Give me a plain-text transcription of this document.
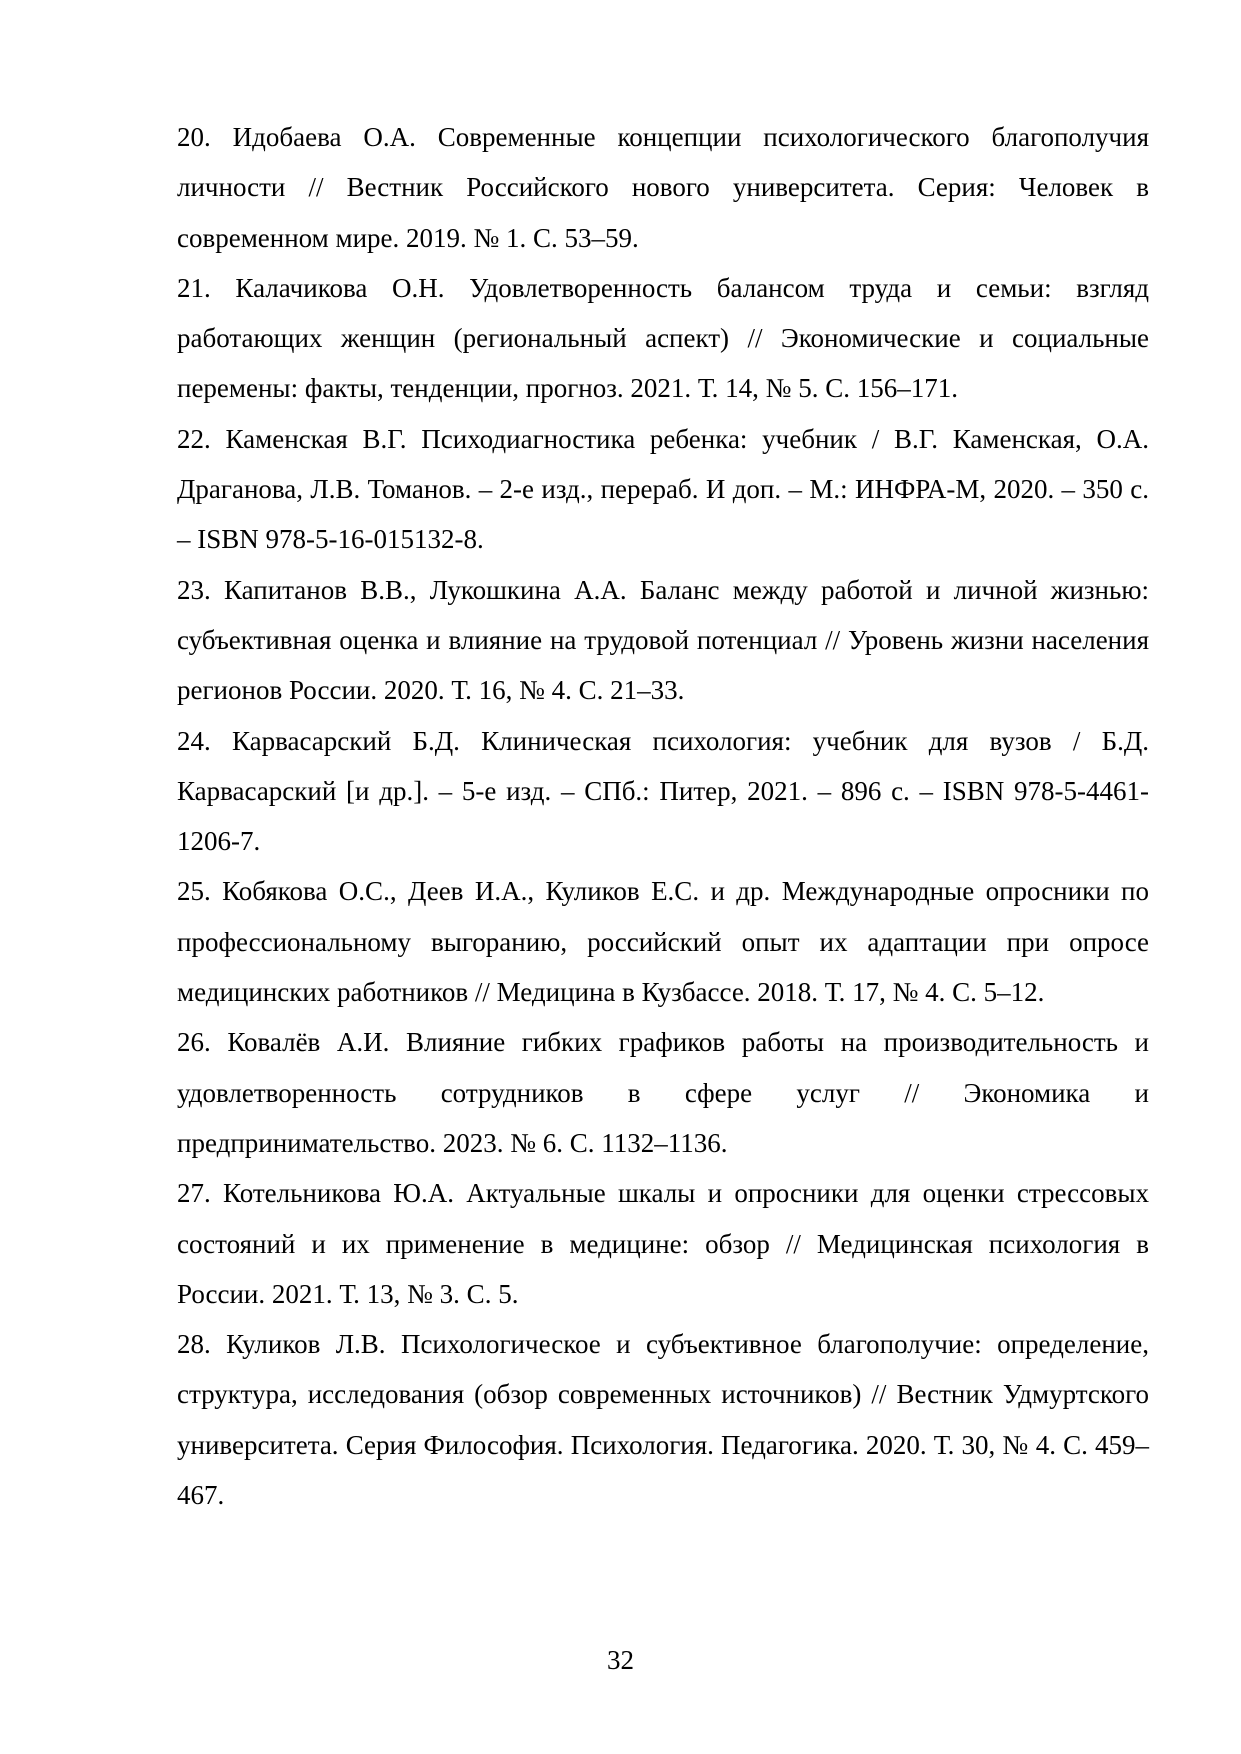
20. Идобаева О.А. Современные концепции психологического благополучия личности // Вестник Российского нового университета. Серия: Человек в современном мире. 2019. № 1. С. 53–59.
21. Калачикова О.Н. Удовлетворенность балансом труда и семьи: взгляд работающих женщин (региональный аспект) // Экономические и социальные перемены: факты, тенденции, прогноз. 2021. Т. 14, № 5. С. 156–171.
22. Каменская В.Г. Психодиагностика ребенка: учебник / В.Г. Каменская, О.А. Драганова, Л.В. Томанов. – 2-е изд., перераб. И доп. – М.: ИНФРА-М, 2020. – 350 с. – ISBN 978-5-16-015132-8.
23. Капитанов В.В., Лукошкина А.А. Баланс между работой и личной жизнью: субъективная оценка и влияние на трудовой потенциал // Уровень жизни населения регионов России. 2020. Т. 16, № 4. С. 21–33.
24. Карвасарский Б.Д. Клиническая психология: учебник для вузов / Б.Д. Карвасарский [и др.]. – 5-е изд. – СПб.: Питер, 2021. – 896 с. – ISBN 978-5-4461-1206-7.
25. Кобякова О.С., Деев И.А., Куликов Е.С. и др. Международные опросники по профессиональному выгоранию, российский опыт их адаптации при опросе медицинских работников // Медицина в Кузбассе. 2018. Т. 17, № 4. С. 5–12.
26. Ковалёв А.И. Влияние гибких графиков работы на производительность и удовлетворенность сотрудников в сфере услуг // Экономика и предпринимательство. 2023. № 6. С. 1132–1136.
27. Котельникова Ю.А. Актуальные шкалы и опросники для оценки стрессовых состояний и их применение в медицине: обзор // Медицинская психология в России. 2021. Т. 13, № 3. С. 5.
28. Куликов Л.В. Психологическое и субъективное благополучие: определение, структура, исследования (обзор современных источников) // Вестник Удмуртского университета. Серия Философия. Психология. Педагогика. 2020. Т. 30, № 4. С. 459–467.
32
